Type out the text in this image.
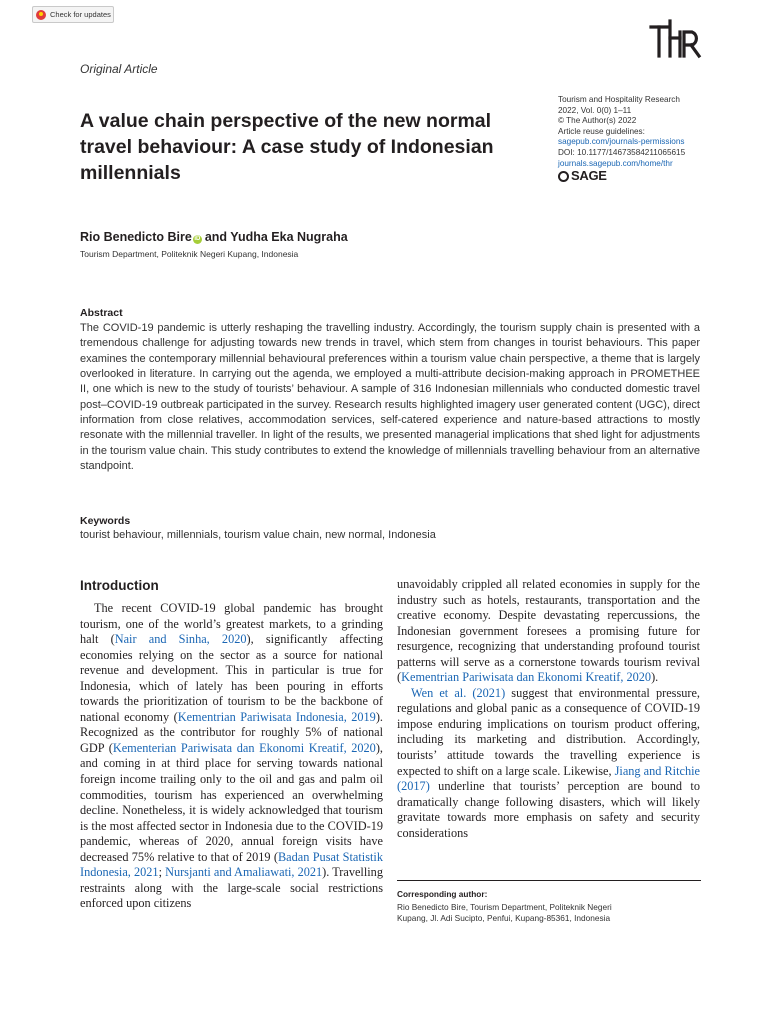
Check for updates
Original Article
A value chain perspective of the new normal travel behaviour: A case study of Indonesian millennials
Tourism and Hospitality Research
2022, Vol. 0(0) 1–11
© The Author(s) 2022
Article reuse guidelines:
sagepub.com/journals-permissions
DOI: 10.1177/14673584211065615
journals.sagepub.com/home/thr
SAGE
Rio Benedicto Bire iD and Yudha Eka Nugraha
Tourism Department, Politeknik Negeri Kupang, Indonesia
Abstract

The COVID-19 pandemic is utterly reshaping the travelling industry. Accordingly, the tourism supply chain is presented with a tremendous challenge for adjusting towards new trends in travel, which stem from changes in tourist behaviours. This paper examines the contemporary millennial behavioural preferences within a tourism value chain perspective, a theme that is largely overlooked in literature. In carrying out the agenda, we employed a multi-attribute decision-making approach in PROMETHEE II, one which is new to the study of tourists’ behaviour. A sample of 316 Indonesian millennials who conducted domestic travel post–COVID-19 outbreak participated in the survey. Research results highlighted imagery user generated content (UGC), direct information from close relatives, accommodation services, self-catered experience and nature-based attractions to mostly resonate with the millennial traveller. In light of the results, we presented managerial implications that shed light for adjustments in the tourism value chain. This study contributes to extend the knowledge of millennials travelling behaviour from an alternative standpoint.

Keywords
tourist behaviour, millennials, tourism value chain, new normal, Indonesia
Introduction

The recent COVID-19 global pandemic has brought tourism, one of the world’s greatest markets, to a grinding halt (Nair and Sinha, 2020), significantly affecting economies relying on the sector as a source for national revenue and development. This in particular is true for Indonesia, which of lately has been pouring in efforts towards the prioritization of tourism to be the backbone of national economy (Kementrian Pariwisata Indonesia, 2019). Recognized as the contributor for roughly 5% of national GDP (Kementerian Pariwisata dan Ekonomi Kreatif, 2020), and coming in at third place for serving towards national foreign income trailing only to the oil and gas and palm oil commodities, tourism has experienced an overwhelming decline. Nonetheless, it is widely acknowledged that tourism is the most affected sector in Indonesia due to the COVID-19 pandemic, whereas of 2020, annual foreign visits have decreased 75% relative to that of 2019 (Badan Pusat Statistik Indonesia, 2021; Nursjanti and Amaliawati, 2021). Travelling restraints along with the large-scale social restrictions enforced upon citizens

unavoidably crippled all related economies in supply for the industry such as hotels, restaurants, transportation and the creative economy. Despite devastating repercussions, the Indonesian government foresees a promising future for resurgence, recognizing that understanding profound tourist patterns will serve as a cornerstone towards tourism revival (Kementrian Pariwisata dan Ekonomi Kreatif, 2020).

Wen et al. (2021) suggest that environmental pressure, regulations and global panic as a consequence of COVID-19 impose enduring implications on tourism product offering, including its marketing and distribution. Accordingly, tourists’ attitude towards the travelling experience is expected to shift on a large scale. Likewise, Jiang and Ritchie (2017) underline that tourists’ perception are bound to dramatically change following disasters, which will likely gravitate towards more emphasis on safety and security considerations

Corresponding author:
Rio Benedicto Bire, Tourism Department, Politeknik Negeri
Kupang, Jl. Adi Sucipto, Penfui, Kupang-85361, Indonesia
